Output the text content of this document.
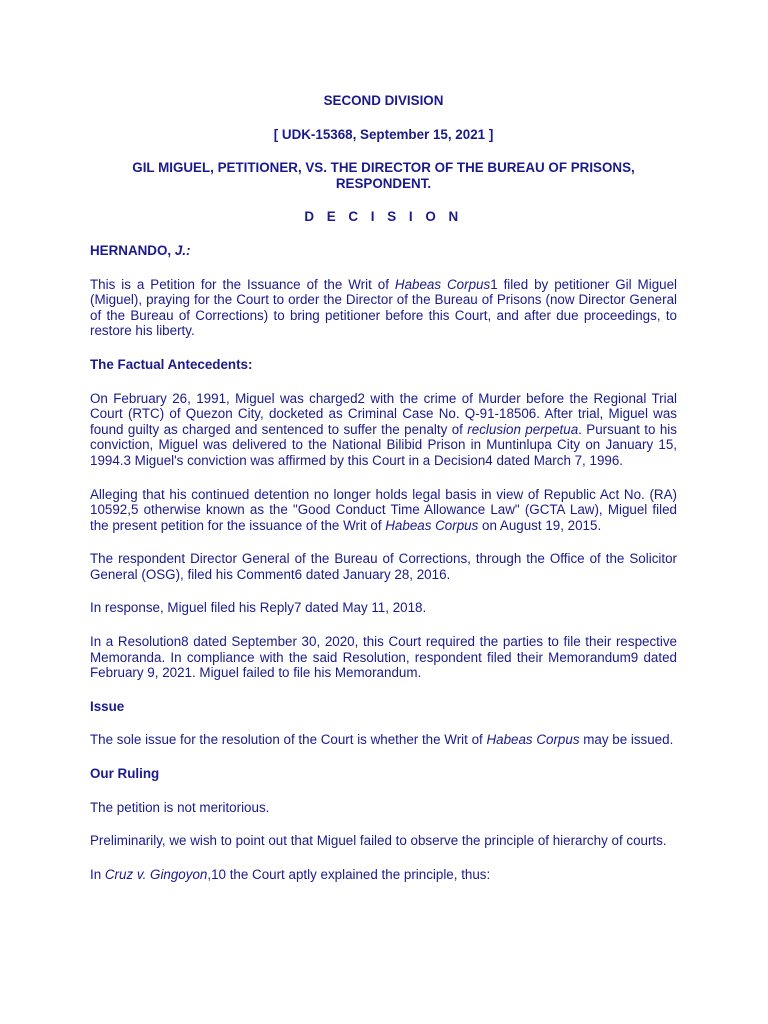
SECOND DIVISION

[ UDK-15368, September 15, 2021 ]

GIL MIGUEL, PETITIONER, VS. THE DIRECTOR OF THE BUREAU OF PRISONS, RESPONDENT.

D E C I S I O N

HERNANDO, J.:

This is a Petition for the Issuance of the Writ of Habeas Corpus1 filed by petitioner Gil Miguel (Miguel), praying for the Court to order the Director of the Bureau of Prisons (now Director General of the Bureau of Corrections) to bring petitioner before this Court, and after due proceedings, to restore his liberty.

The Factual Antecedents:

On February 26, 1991, Miguel was charged2 with the crime of Murder before the Regional Trial Court (RTC) of Quezon City, docketed as Criminal Case No. Q-91-18506. After trial, Miguel was found guilty as charged and sentenced to suffer the penalty of reclusion perpetua. Pursuant to his conviction, Miguel was delivered to the National Bilibid Prison in Muntinlupa City on January 15, 1994.3 Miguel's conviction was affirmed by this Court in a Decision4 dated March 7, 1996.

Alleging that his continued detention no longer holds legal basis in view of Republic Act No. (RA) 10592,5 otherwise known as the "Good Conduct Time Allowance Law" (GCTA Law), Miguel filed the present petition for the issuance of the Writ of Habeas Corpus on August 19, 2015.

The respondent Director General of the Bureau of Corrections, through the Office of the Solicitor General (OSG), filed his Comment6 dated January 28, 2016.

In response, Miguel filed his Reply7 dated May 11, 2018.

In a Resolution8 dated September 30, 2020, this Court required the parties to file their respective Memoranda. In compliance with the said Resolution, respondent filed their Memorandum9 dated February 9, 2021. Miguel failed to file his Memorandum.

Issue

The sole issue for the resolution of the Court is whether the Writ of Habeas Corpus may be issued.

Our Ruling

The petition is not meritorious.

Preliminarily, we wish to point out that Miguel failed to observe the principle of hierarchy of courts.

In Cruz v. Gingoyon,10 the Court aptly explained the principle, thus:
